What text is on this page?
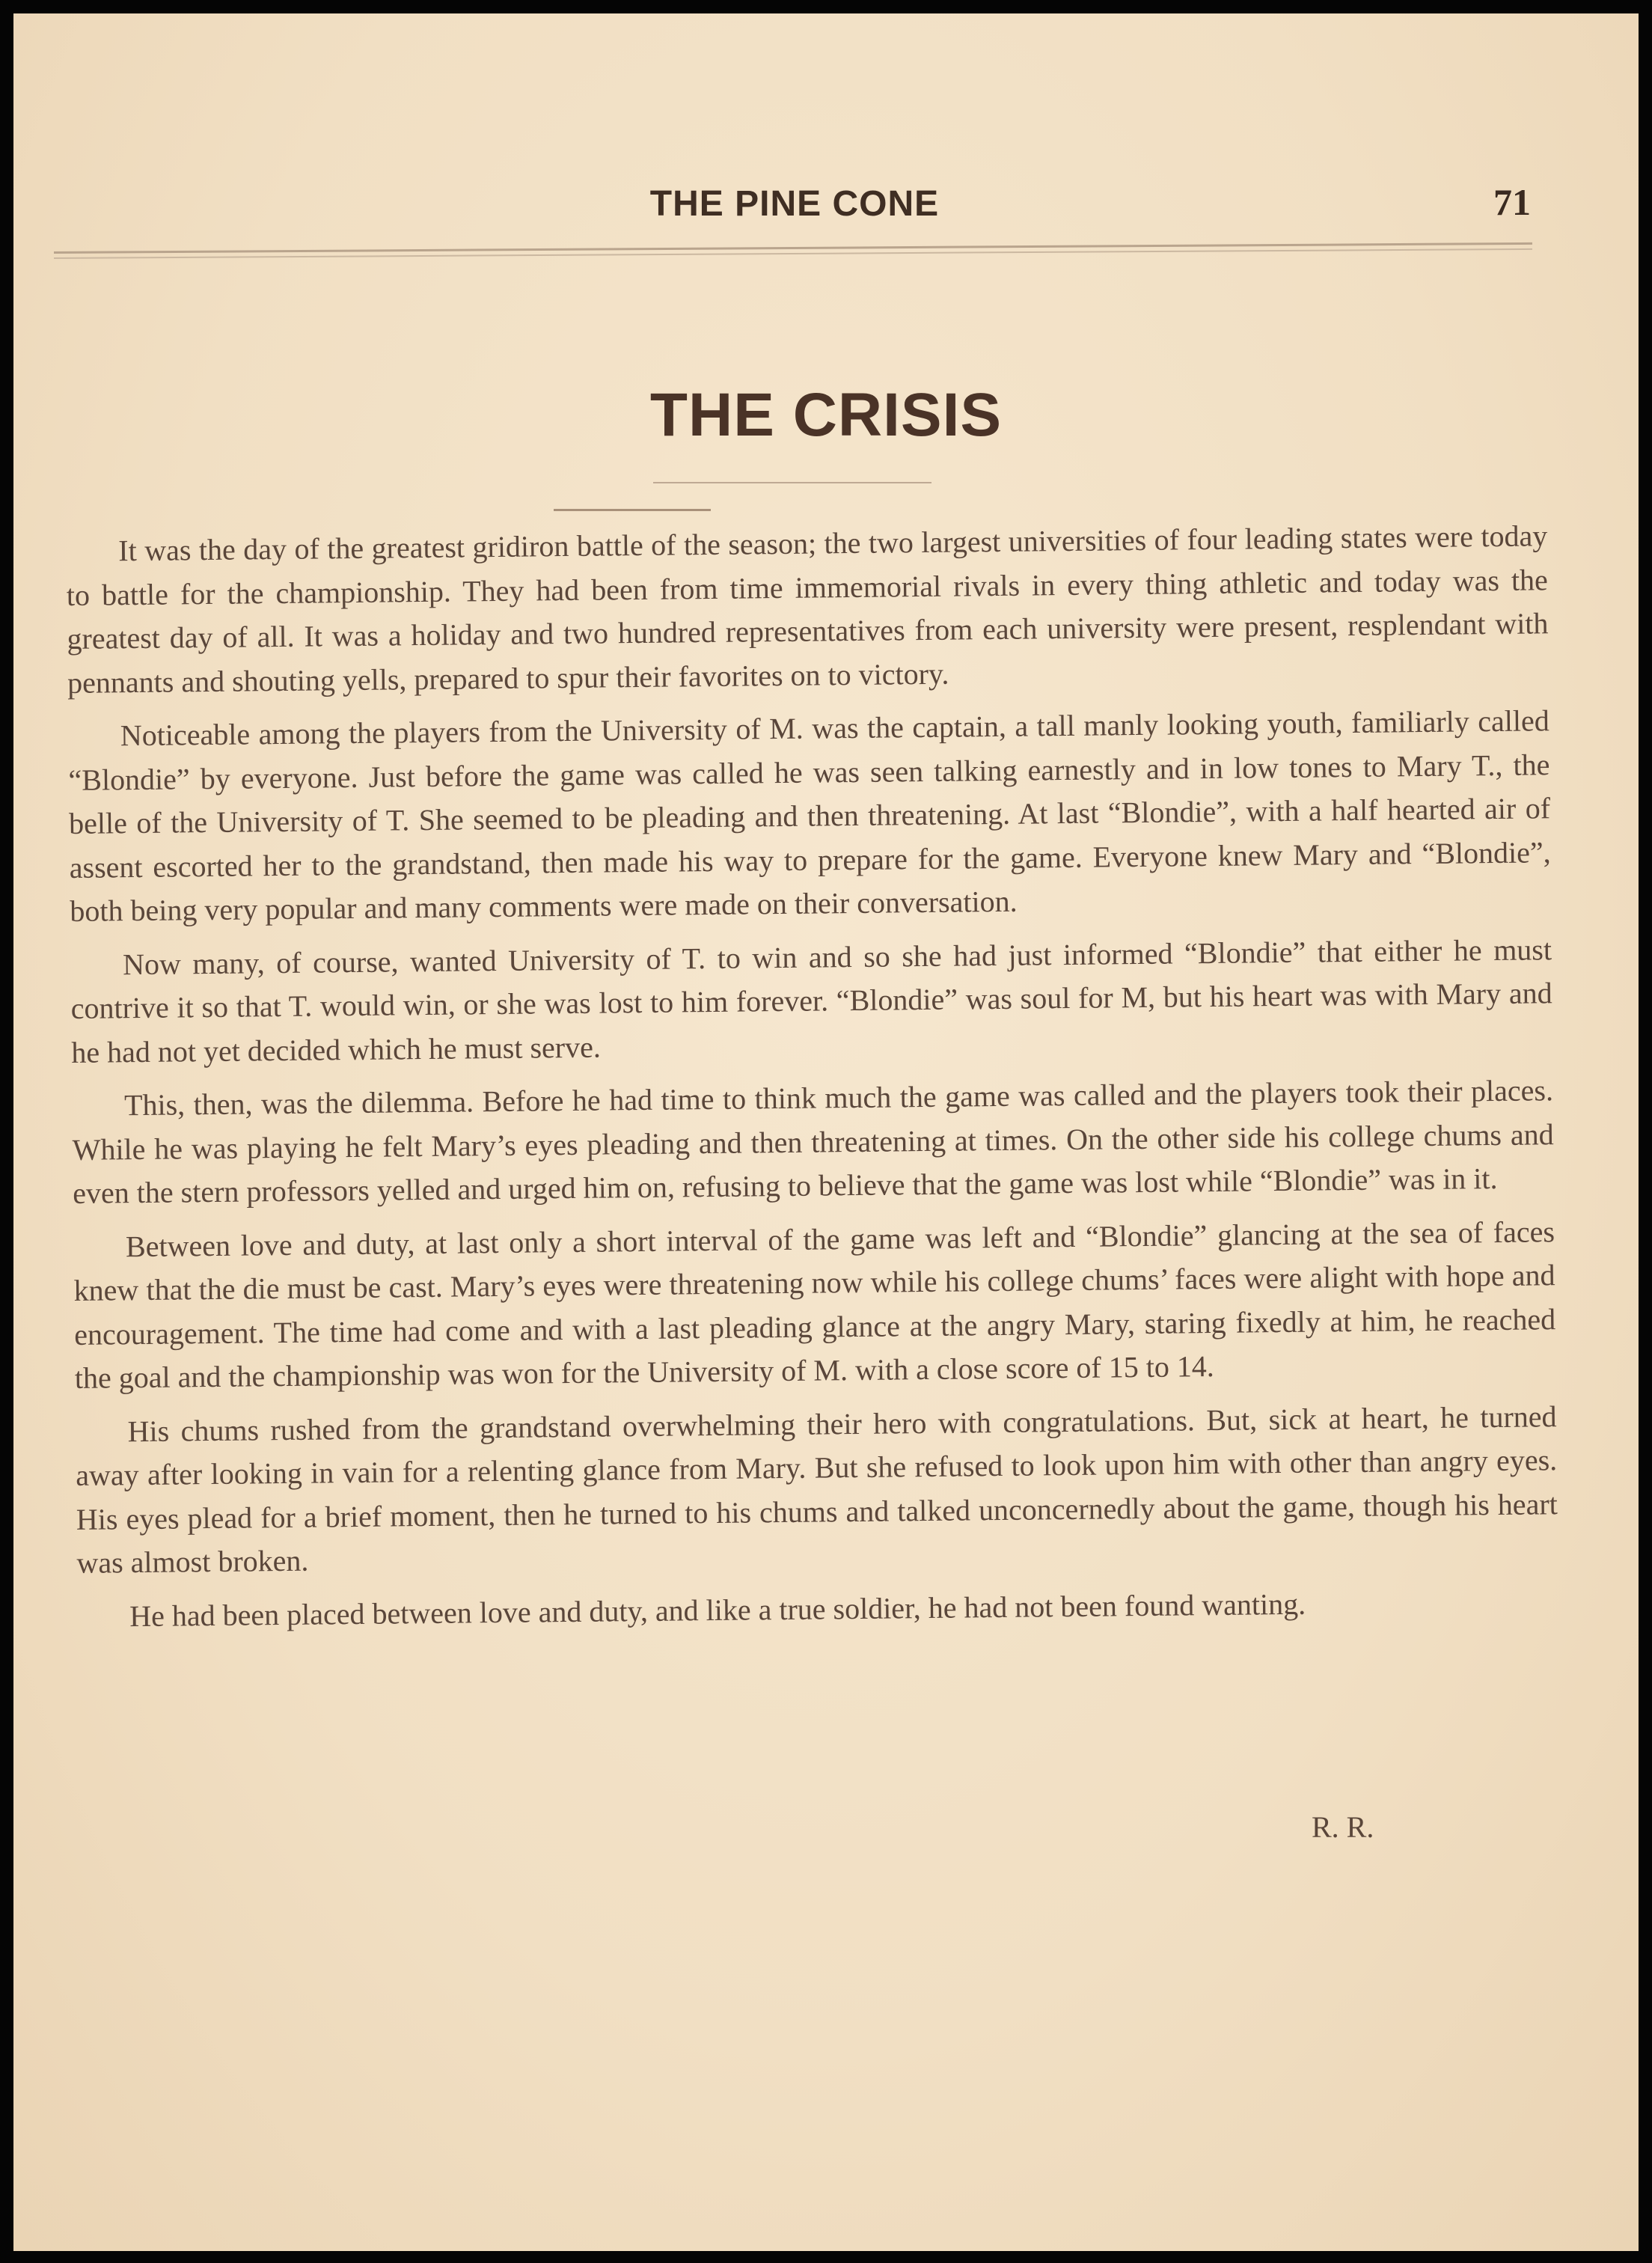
THE PINE CONE	71
THE CRISIS

It was the day of the greatest gridiron battle of the season; the two largest universities of four leading states were today to battle for the championship. They had been from time immemorial rivals in every thing athletic and today was the greatest day of all. It was a holiday and two hundred representatives from each university were present, resplendant with pennants and shouting yells, prepared to spur their favorites on to victory.

Noticeable among the players from the University of M. was the captain, a tall manly looking youth, familiarly called “Blondie” by everyone. Just before the game was called he was seen talking earnestly and in low tones to Mary T., the belle of the University of T. She seemed to be pleading and then threatening. At last “Blondie”, with a half hearted air of assent escorted her to the grandstand, then made his way to prepare for the game. Everyone knew Mary and “Blondie”, both being very popular and many comments were made on their conversation.

Now many, of course, wanted University of T. to win and so she had just informed “Blondie” that either he must contrive it so that T. would win, or she was lost to him forever. “Blondie” was soul for M, but his heart was with Mary and he had not yet decided which he must serve.

This, then, was the dilemma. Before he had time to think much the game was called and the players took their places. While he was playing he felt Mary’s eyes pleading and then threatening at times. On the other side his college chums and even the stern professors yelled and urged him on, refusing to believe that the game was lost while “Blondie” was in it.

Between love and duty, at last only a short interval of the game was left and “Blondie” glancing at the sea of faces knew that the die must be cast. Mary’s eyes were threatening now while his college chums’ faces were alight with hope and encouragement. The time had come and with a last pleading glance at the angry Mary, staring fixedly at him, he reached the goal and the championship was won for the University of M. with a close score of 15 to 14.

His chums rushed from the grandstand overwhelming their hero with congratulations. But, sick at heart, he turned away after looking in vain for a relenting glance from Mary. But she refused to look upon him with other than angry eyes. His eyes plead for a brief moment, then he turned to his chums and talked unconcernedly about the game, though his heart was almost broken.

He had been placed between love and duty, and like a true soldier, he had not been found wanting.

R. R.
